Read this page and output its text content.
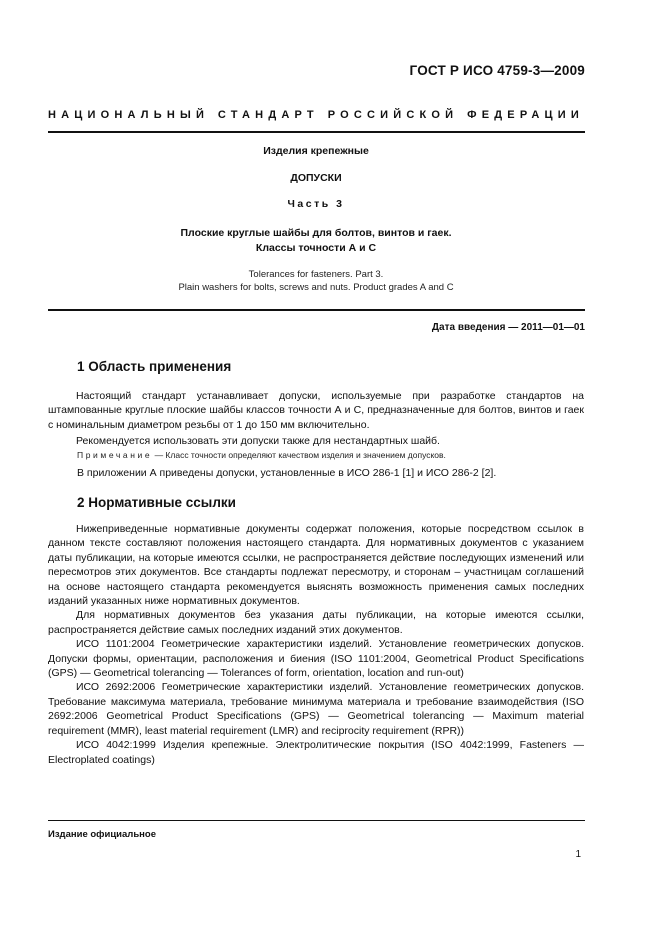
ГОСТ Р ИСО 4759-3—2009
НАЦИОНАЛЬНЫЙ СТАНДАРТ РОССИЙСКОЙ ФЕДЕРАЦИИ
Изделия крепежные
ДОПУСКИ
Часть 3
Плоские круглые шайбы для болтов, винтов и гаек.
Классы точности А и С
Tolerances for fasteners. Part 3.
Plain washers for bolts, screws and nuts. Product grades A and C
Дата введения — 2011—01—01
1 Область применения

Настоящий стандарт устанавливает допуски, используемые при разработке стандартов на штампованные круглые плоские шайбы классов точности А и С, предназначенные для болтов, винтов и гаек с номинальным диаметром резьбы от 1 до 150 мм включительно.

Рекомендуется использовать эти допуски также для нестандартных шайб.

Примечание — Класс точности определяют качеством изделия и значением допусков.
В приложении А приведены допуски, установленные в ИСО 286-1 [1] и ИСО 286-2 [2].
2 Нормативные ссылки

Нижеприведенные нормативные документы содержат положения, которые посредством ссылок в данном тексте составляют положения настоящего стандарта. Для нормативных документов с указанием даты публикации, на которые имеются ссылки, не распространяется действие последующих изменений или пересмотров этих документов. Все стандарты подлежат пересмотру, и сторонам – участницам соглашений на основе настоящего стандарта рекомендуется выяснять возможность применения самых последних изданий указанных ниже нормативных документов.

Для нормативных документов без указания даты публикации, на которые имеются ссылки, распространяется действие самых последних изданий этих документов.

ИСО 1101:2004 Геометрические характеристики изделий. Установление геометрических допусков. Допуски формы, ориентации, расположения и биения (ISO 1101:2004, Geometrical Product Specifications (GPS) — Geometrical tolerancing — Tolerances of form, orientation, location and run-out)

ИСО 2692:2006 Геометрические характеристики изделий. Установление геометрических допусков. Требование максимума материала, требование минимума материала и требование взаимодействия (ISO 2692:2006 Geometrical Product Specifications (GPS) — Geometrical tolerancing — Maximum material requirement (MMR), least material requirement (LMR) and reciprocity requirement (RPR))

ИСО 4042:1999 Изделия крепежные. Электролитические покрытия (ISO 4042:1999, Fasteners — Electroplated coatings)

Издание официальное
1
